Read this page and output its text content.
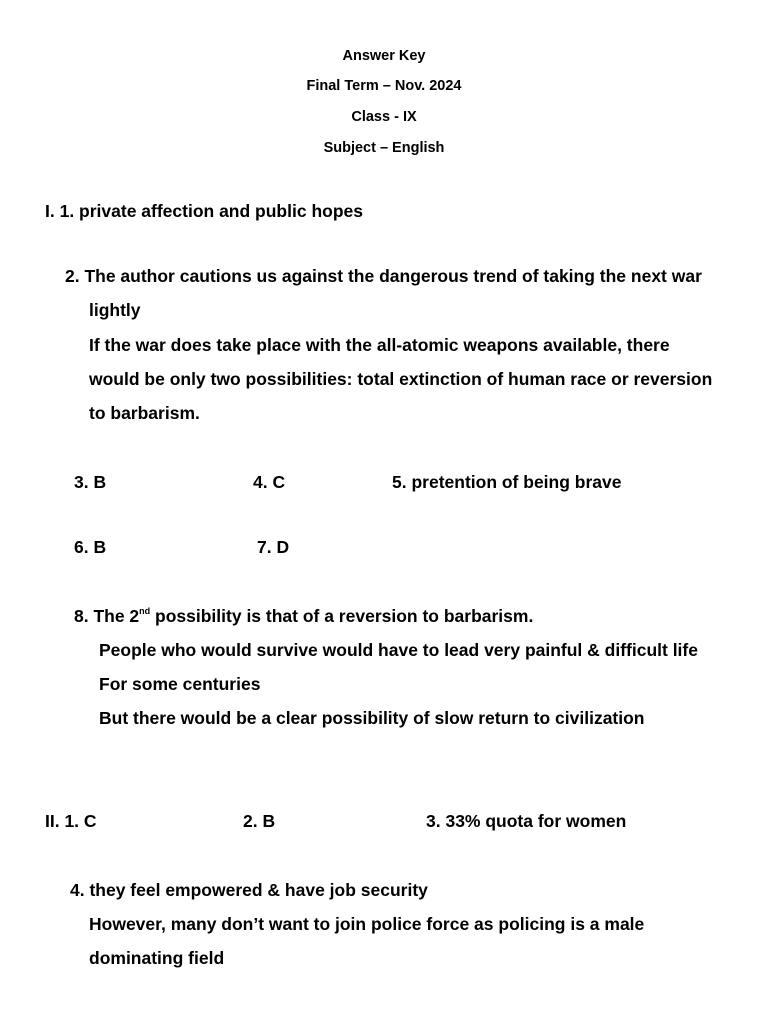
Answer Key
Final Term – Nov. 2024
Class - IX
Subject – English
I. 1. private affection and public hopes
2. The author cautions us against the dangerous trend of taking the next war
lightly
If the war does take place with the all-atomic weapons available, there
would be only two possibilities: total extinction of human race or reversion
to barbarism.
3. B	4. C	5. pretention of being brave
6. B	7. D
8. The 2nd possibility is that of a reversion to barbarism.
People who would survive would have to lead very painful & difficult life
For some centuries
But there would be a clear possibility of slow return to civilization
II. 1. C	2. B	3. 33% quota for women
4. they feel empowered & have job security
However, many don’t want to join police force as policing is a male
dominating field
